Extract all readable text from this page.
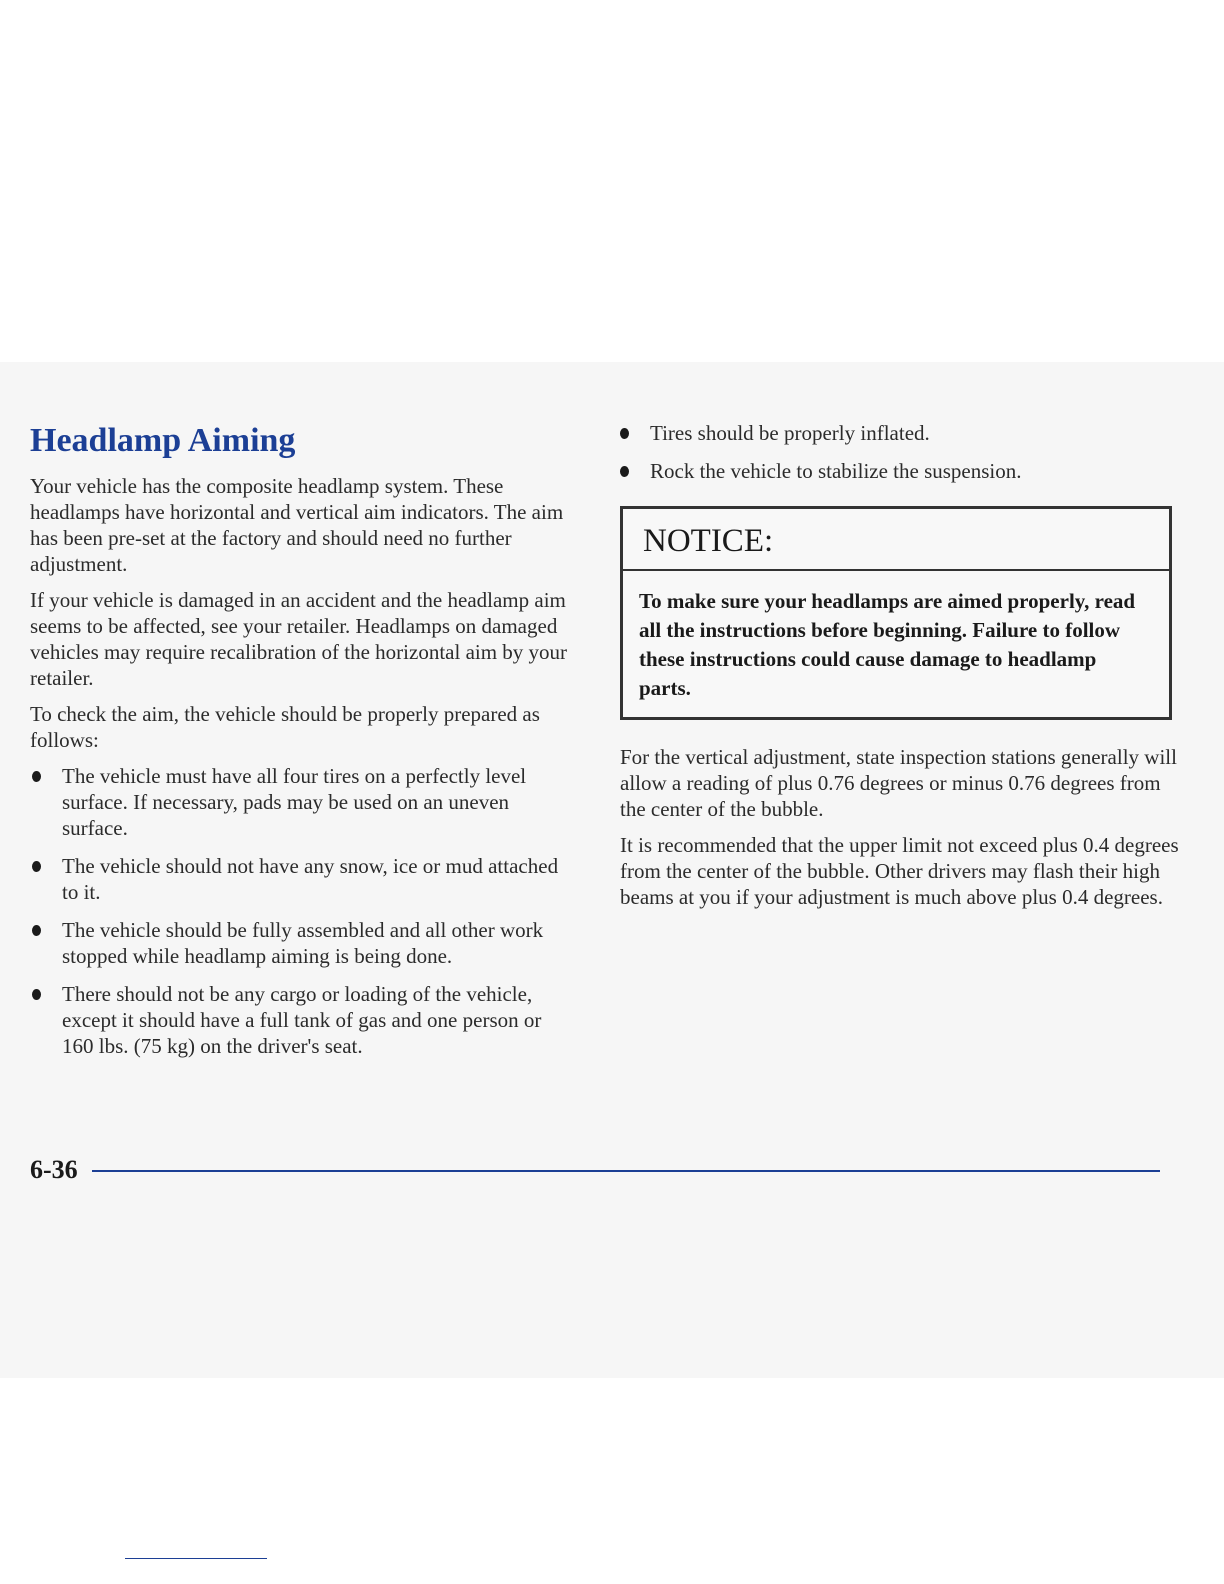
Headlamp Aiming

Your vehicle has the composite headlamp system. These headlamps have horizontal and vertical aim indicators. The aim has been pre-set at the factory and should need no further adjustment.

If your vehicle is damaged in an accident and the headlamp aim seems to be affected, see your retailer. Headlamps on damaged vehicles may require recalibration of the horizontal aim by your retailer.

To check the aim, the vehicle should be properly prepared as follows:

The vehicle must have all four tires on a perfectly level surface. If necessary, pads may be used on an uneven surface.
The vehicle should not have any snow, ice or mud attached to it.
The vehicle should be fully assembled and all other work stopped while headlamp aiming is being done.
There should not be any cargo or loading of the vehicle, except it should have a full tank of gas and one person or 160 lbs. (75 kg) on the driver's seat.
Tires should be properly inflated.
Rock the vehicle to stabilize the suspension.
NOTICE:
To make sure your headlamps are aimed properly, read all the instructions before beginning. Failure to follow these instructions could cause damage to headlamp parts.

For the vertical adjustment, state inspection stations generally will allow a reading of plus 0.76 degrees or minus 0.76 degrees from the center of the bubble.

It is recommended that the upper limit not exceed plus 0.4 degrees from the center of the bubble. Other drivers may flash their high beams at you if your adjustment is much above plus 0.4 degrees.

6-36
